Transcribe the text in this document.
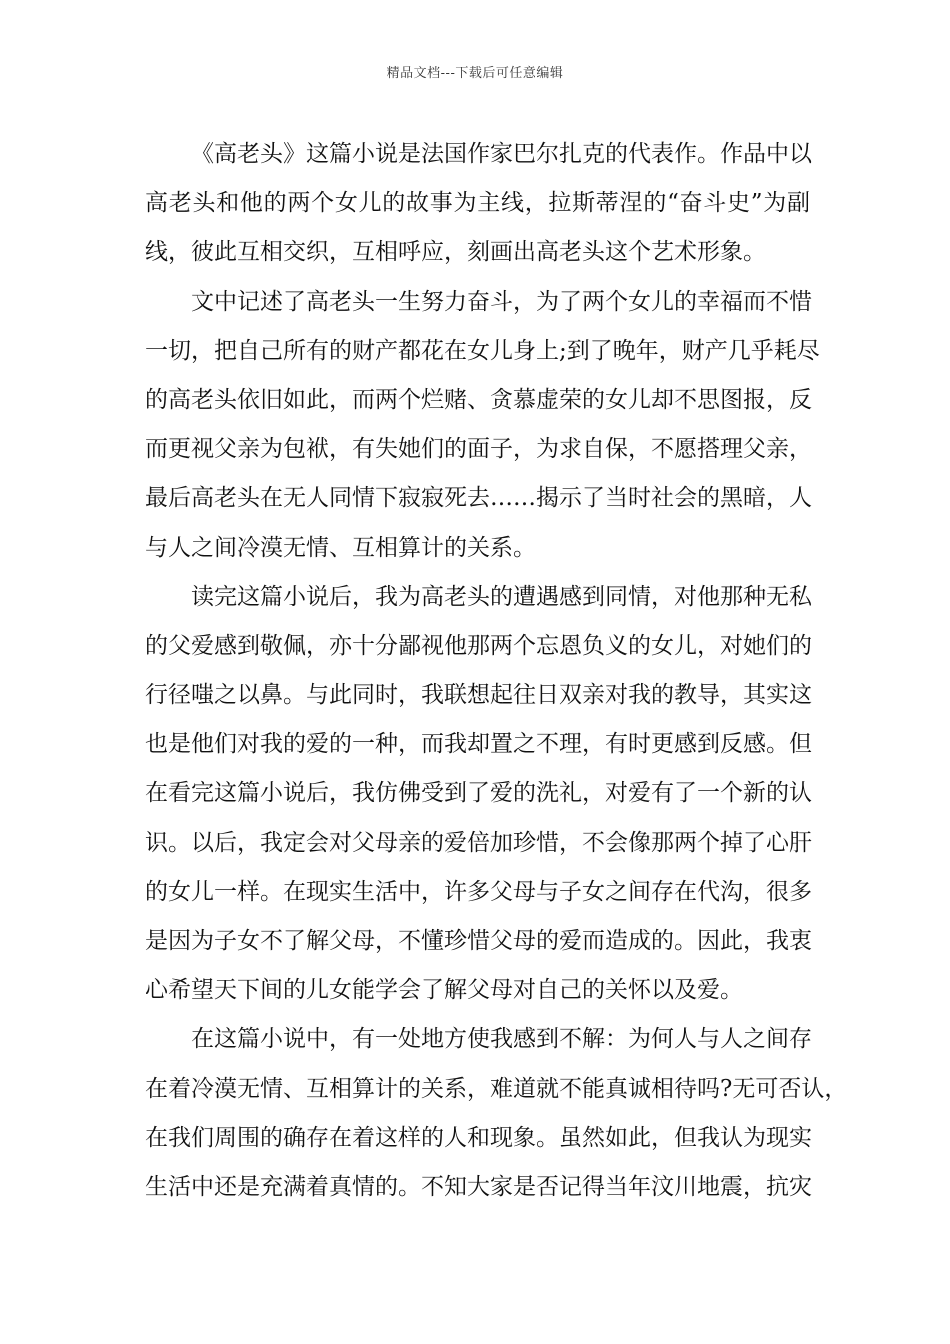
精品文档---下载后可任意编辑
《高老头》这篇小说是法国作家巴尔扎克的代表作。作品中以
高老头和他的两个女儿的故事为主线，拉斯蒂涅的“奋斗史”为副
线，彼此互相交织，互相呼应，刻画出高老头这个艺术形象。
文中记述了高老头一生努力奋斗，为了两个女儿的幸福而不惜
一切，把自己所有的财产都花在女儿身上;到了晚年，财产几乎耗尽
的高老头依旧如此，而两个烂赌、贪慕虚荣的女儿却不思图报，反
而更视父亲为包袱，有失她们的面子，为求自保，不愿搭理父亲，
最后高老头在无人同情下寂寂死去……揭示了当时社会的黑暗，人
与人之间冷漠无情、互相算计的关系。
读完这篇小说后，我为高老头的遭遇感到同情，对他那种无私
的父爱感到敬佩，亦十分鄙视他那两个忘恩负义的女儿，对她们的
行径嗤之以鼻。与此同时，我联想起往日双亲对我的教导，其实这
也是他们对我的爱的一种，而我却置之不理，有时更感到反感。但
在看完这篇小说后，我仿佛受到了爱的洗礼，对爱有了一个新的认
识。以后，我定会对父母亲的爱倍加珍惜，不会像那两个掉了心肝
的女儿一样。在现实生活中，许多父母与子女之间存在代沟，很多
是因为子女不了解父母，不懂珍惜父母的爱而造成的。因此，我衷
心希望天下间的儿女能学会了解父母对自己的关怀以及爱。
在这篇小说中，有一处地方使我感到不解：为何人与人之间存
在着冷漠无情、互相算计的关系，难道就不能真诚相待吗?无可否认，
在我们周围的确存在着这样的人和现象。虽然如此，但我认为现实
生活中还是充满着真情的。不知大家是否记得当年汶川地震，抗灾
